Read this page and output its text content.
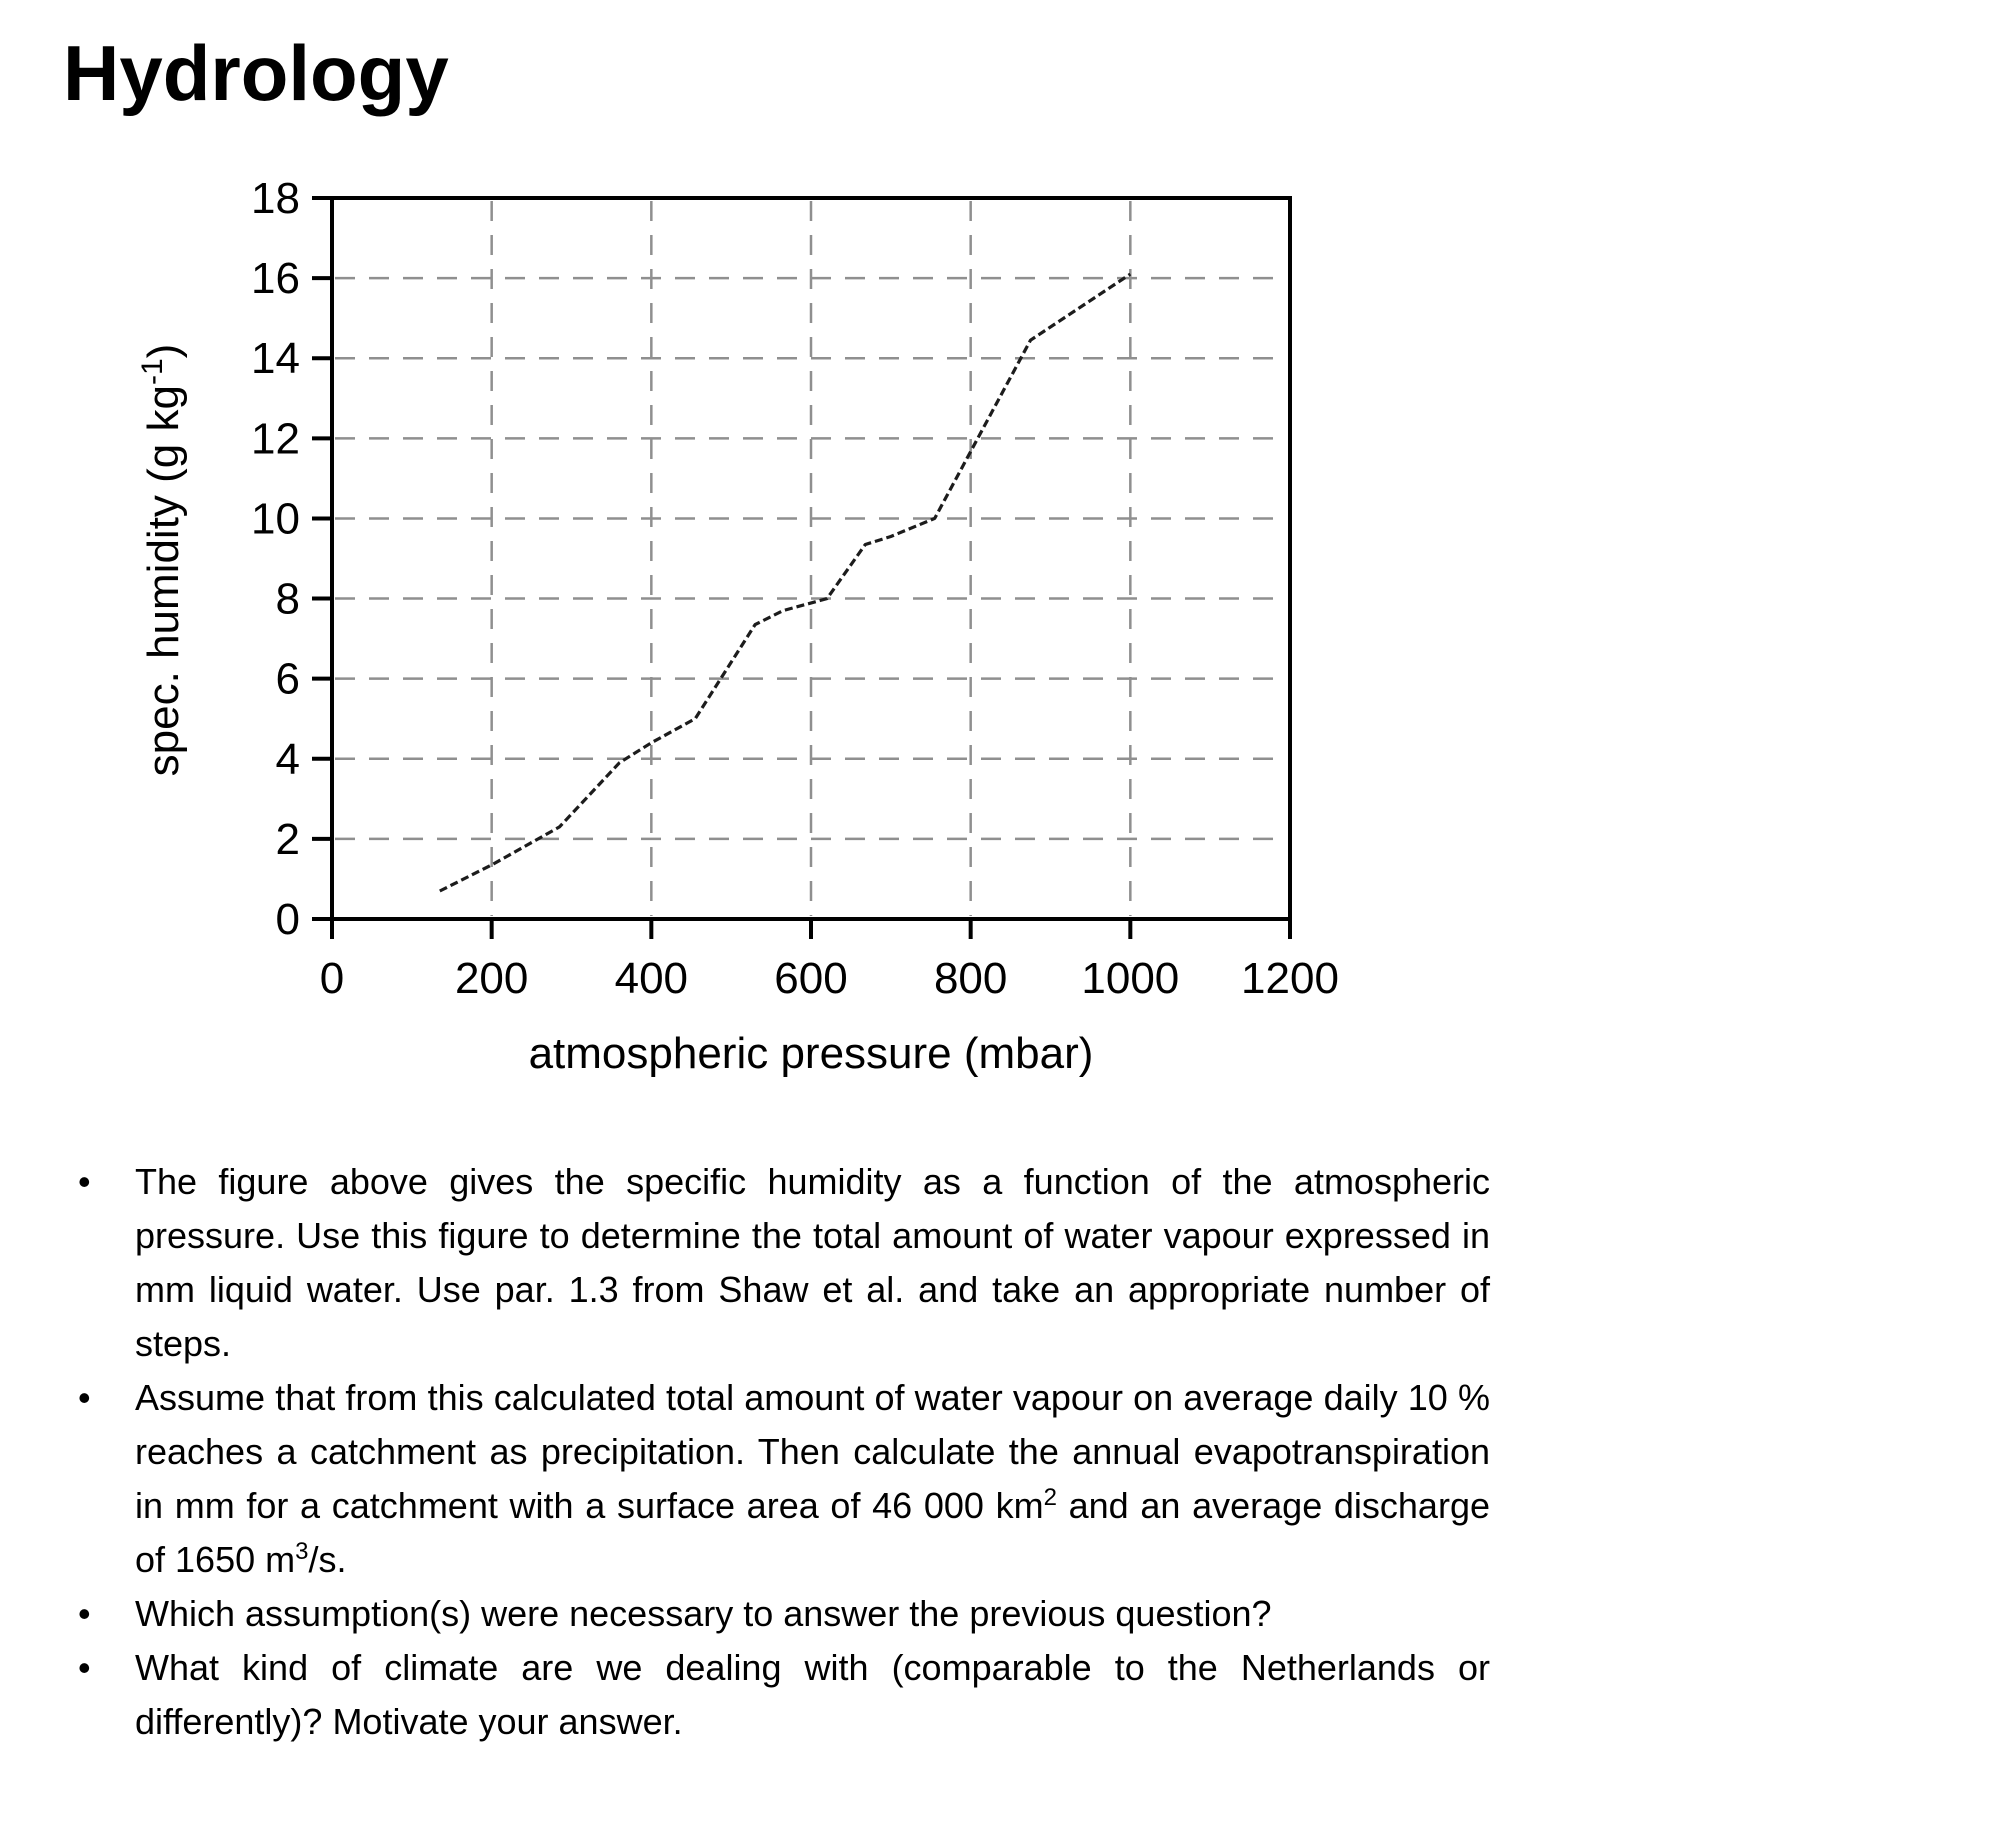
Hydrology
0	200 400 600 800 1000 1200
0
2
4
6
8
10
12
14
16
18
atmospheric pressure (mbar)
spec. humidity (g $kg^{-1}$)
•	The figure above gives the specific humidity as a function of the atmospheric pressure. Use this figure to determine the total amount of water vapour expressed in mm liquid water. Use par. 1.3 from Shaw et al. and take an appropriate number of steps.
•	Assume that from this calculated total amount of water vapour on average daily 10 % reaches a catchment as precipitation. Then calculate the annual evapotranspiration in mm for a catchment with a surface area of 46 000 $km^2$ and an average discharge of 1650 $m^3/s$.
•	Which assumption(s) were necessary to answer the previous question?
•	What kind of climate are we dealing with (comparable to the Netherlands or differently)? Motivate your answer.
